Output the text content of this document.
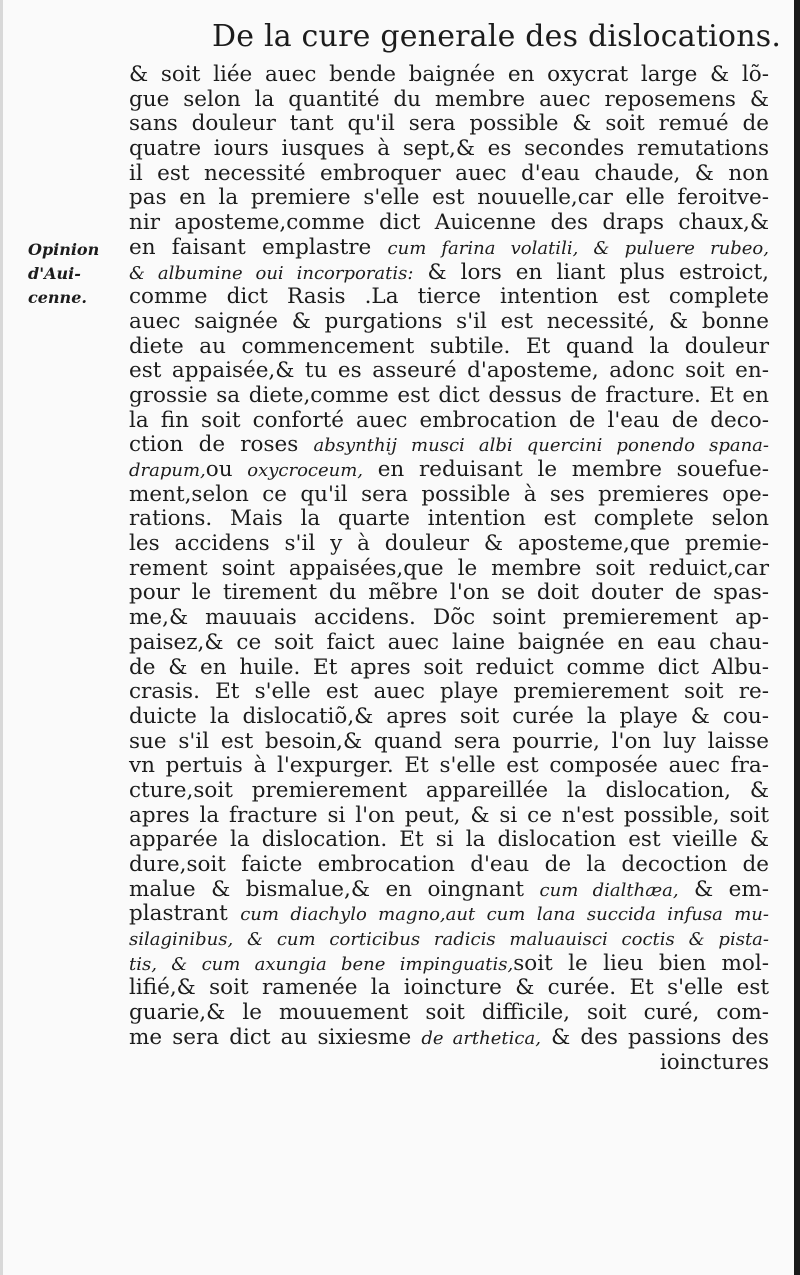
De la cure generale des dislocations.
Opinion
d'Aui-
cenne.
& soit liée auec bende baignée en oxycrat large & lõ-
gue selon la quantité du membre auec reposemens &
sans douleur tant qu'il sera possible & soit remué de
quatre iours iusques à sept,& es secondes remutations
il est necessité embroquer auec d'eau chaude, & non
pas en la premiere s'elle est nouuelle,car elle feroitve-
nir aposteme,comme dict Auicenne des draps chaux,&
en faisant emplastre cum farina volatili, & puluere rubeo,
& albumine oui incorporatis: & lors en liant plus estroict,
comme dict Rasis .La tierce intention est complete
auec saignée & purgations s'il est necessité, & bonne
diete au commencement subtile. Et quand la douleur
est appaisée,& tu es asseuré d'aposteme, adonc soit en-
grossie sa diete,comme est dict dessus de fracture. Et en
la fin soit conforté auec embrocation de l'eau de deco-
ction de roses absynthij musci albi quercini ponendo spana-
drapum,ou oxycroceum, en reduisant le membre souefue-
ment,selon ce qu'il sera possible à ses premieres ope-
rations. Mais la quarte intention est complete selon
les accidens s'il y à douleur & aposteme,que premie-
rement soint appaisées,que le membre soit reduict,car
pour le tirement du mẽbre l'on se doit douter de spas-
me,& mauuais accidens. Dõc soint premierement ap-
paisez,& ce soit faict auec laine baignée en eau chau-
de & en huile. Et apres soit reduict comme dict Albu-
crasis. Et s'elle est auec playe premierement soit re-
duicte la dislocatiõ,& apres soit curée la playe & cou-
sue s'il est besoin,& quand sera pourrie, l'on luy laisse
vn pertuis à l'expurger. Et s'elle est composée auec fra-
cture,soit premierement appareillée la dislocation, &
apres la fracture si l'on peut, & si ce n'est possible, soit
apparée la dislocation. Et si la dislocation est vieille &
dure,soit faicte embrocation d'eau de la decoction de
malue & bismalue,& en oingnant cum dialthæa, & em-
plastrant cum diachylo magno,aut cum lana succida infusa mu-
silaginibus, & cum corticibus radicis maluauisci coctis & pista-
tis, & cum axungia bene impinguatis,soit le lieu bien mol-
lifié,& soit ramenée la ioincture & curée. Et s'elle est
guarie,& le mouuement soit difficile, soit curé, com-
me sera dict au sixiesme de arthetica, & des passions des
ioinctures
